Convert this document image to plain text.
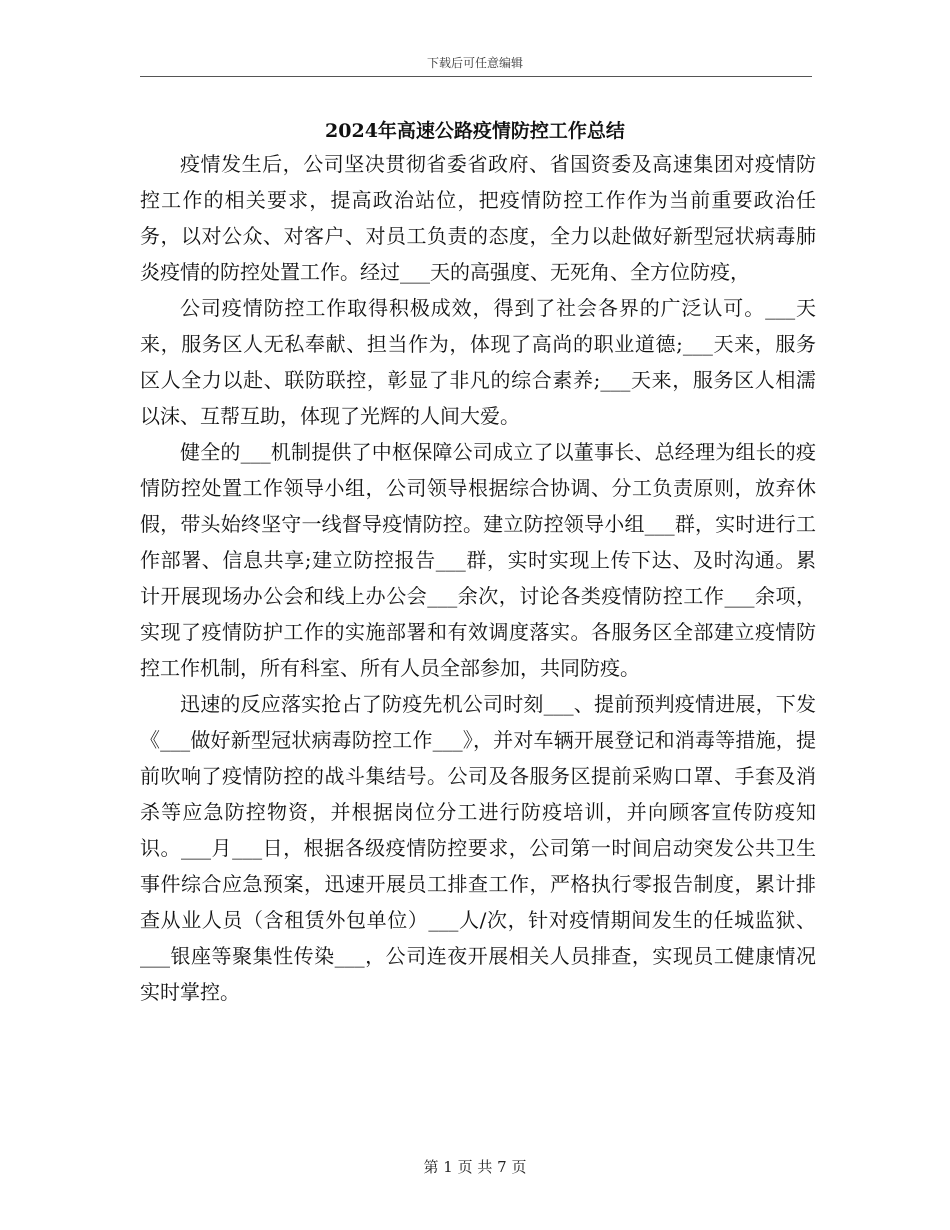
下载后可任意编辑
2024年高速公路疫情防控工作总结

疫情发生后，公司坚决贯彻省委省政府、省国资委及高速集团对疫情防控工作的相关要求，提高政治站位，把疫情防控工作作为当前重要政治任务，以对公众、对客户、对员工负责的态度，全力以赴做好新型冠状病毒肺炎疫情的防控处置工作。经过___天的高强度、无死角、全方位防疫，

公司疫情防控工作取得积极成效，得到了社会各界的广泛认可。___天来，服务区人无私奉献、担当作为，体现了高尚的职业道德;___天来，服务区人全力以赴、联防联控，彰显了非凡的综合素养;___天来，服务区人相濡以沫、互帮互助，体现了光辉的人间大爱。

健全的___机制提供了中枢保障公司成立了以董事长、总经理为组长的疫情防控处置工作领导小组，公司领导根据综合协调、分工负责原则，放弃休假，带头始终坚守一线督导疫情防控。建立防控领导小组___群，实时进行工作部署、信息共享;建立防控报告___群，实时实现上传下达、及时沟通。累计开展现场办公会和线上办公会___余次，讨论各类疫情防控工作___余项，实现了疫情防护工作的实施部署和有效调度落实。各服务区全部建立疫情防控工作机制，所有科室、所有人员全部参加，共同防疫。

迅速的反应落实抢占了防疫先机公司时刻___、提前预判疫情进展，下发《___做好新型冠状病毒防控工作___》，并对车辆开展登记和消毒等措施，提前吹响了疫情防控的战斗集结号。公司及各服务区提前采购口罩、手套及消杀等应急防控物资，并根据岗位分工进行防疫培训，并向顾客宣传防疫知识。___月___日，根据各级疫情防控要求，公司第一时间启动突发公共卫生事件综合应急预案，迅速开展员工排查工作，严格执行零报告制度，累计排查从业人员（含租赁外包单位）___人/次，针对疫情期间发生的任城监狱、___银座等聚集性传染___，公司连夜开展相关人员排查，实现员工健康情况实时掌控。

第 1 页 共 7 页
